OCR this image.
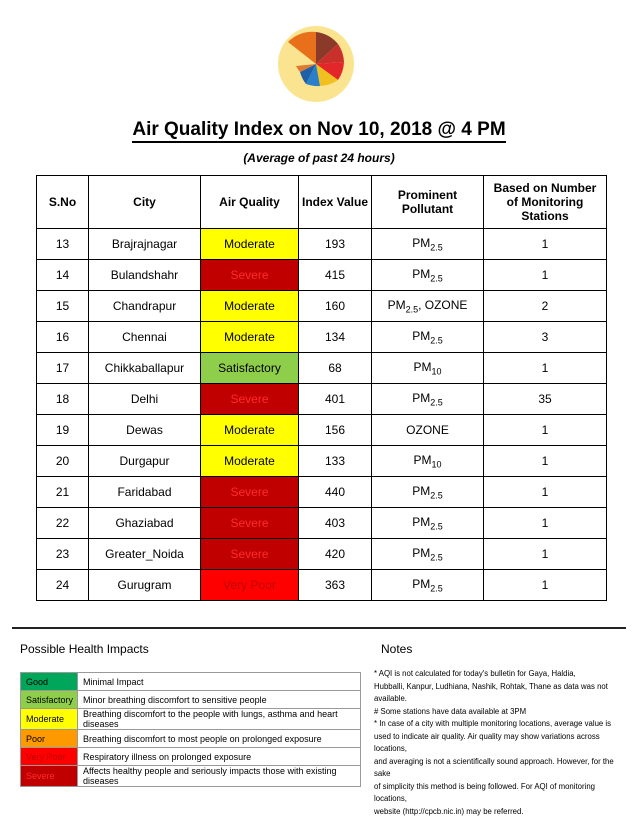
Air Quality Index on Nov 10, 2018 @ 4 PM
(Average of past 24 hours)
S.No	City	Air Quality	Index Value	Prominent Pollutant	Based on Number of Monitoring Stations
13	Brajrajnagar	Moderate	193	$PM_{2.5}$	1
14	Bulandshahr	Severe	415	$PM_{2.5}$	1
15	Chandrapur	Moderate	160	$PM_{2.5}$, OZONE	2
16	Chennai	Moderate	134	$PM_{2.5}$	3
17	Chikkaballapur	Satisfactory	68	$PM_{10}$	1
18	Delhi	Severe	401	$PM_{2.5}$	35
19	Dewas	Moderate	156	OZONE	1
20	Durgapur	Moderate	133	$PM_{10}$	1
21	Faridabad	Severe	440	$PM_{2.5}$	1
22	Ghaziabad	Severe	403	$PM_{2.5}$	1
23	Greater_Noida	Severe	420	$PM_{2.5}$	1
24	Gurugram	Very Poor	363	$PM_{2.5}$	1
Possible Health Impacts
Good	Minimal Impact
Satisfactory	Minor breathing discomfort to sensitive people
Moderate	Breathing discomfort to the people with lungs, asthma and heart diseases
Poor	Breathing discomfort to most people on prolonged exposure
Very Poor	Respiratory illness on prolonged exposure
Severe	Affects healthy people and seriously impacts those with existing diseases
Notes

* AQI is not calculated for today's bulletin for Gaya, Haldia,

Hubballi, Kanpur, Ludhiana, Nashik, Rohtak, Thane as data was not

available.

# Some stations have data available at 3PM

* In case of a city with multiple monitoring locations, average value is

used to indicate air quality. Air quality may show variations across locations,

and averaging is not a scientifically sound approach. However, for the sake

of simplicity this method is being followed. For AQI of monitoring locations,

website (http://cpcb.nic.in) may be referred.
